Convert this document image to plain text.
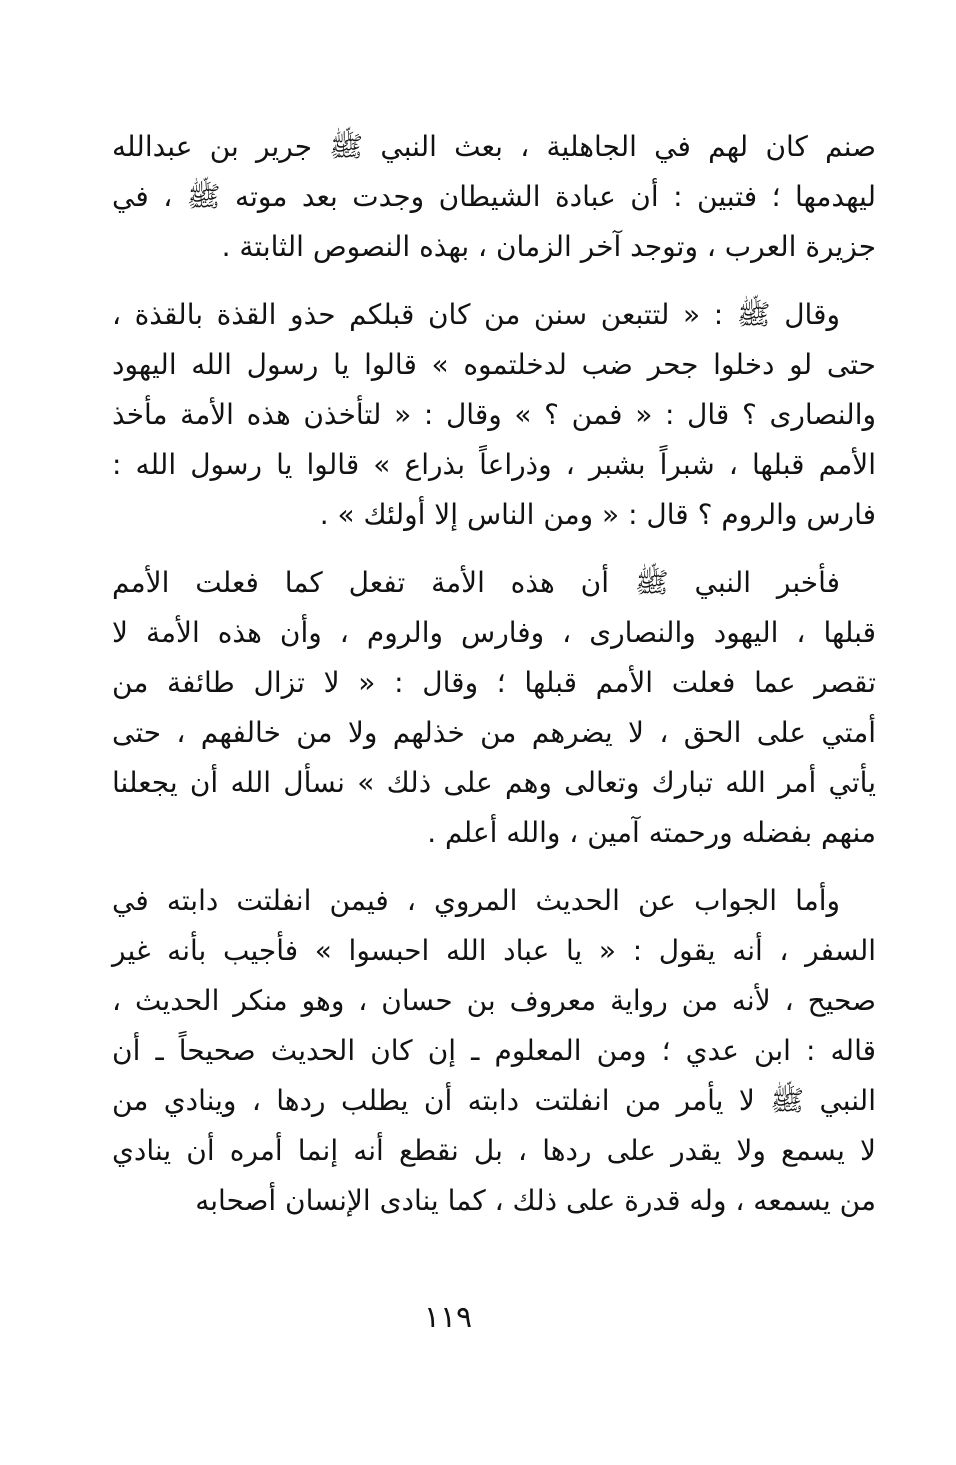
صنم كان لهم في الجاهلية ، بعث النبي ﷺ جرير بن عبدالله
ليهدمها ؛ فتبين : أن عبادة الشيطان وجدت بعد موته ﷺ ، في
جزيرة العرب ، وتوجد آخر الزمان ، بهذه النصوص الثابتة .
وقال ﷺ : « لتتبعن سنن من كان قبلكم حذو القذة بالقذة ،
حتى لو دخلوا جحر ضب لدخلتموه » قالوا يا رسول الله اليهود
والنصارى ؟ قال : « فمن ؟ » وقال : « لتأخذن هذه الأمة مأخذ
الأمم قبلها ، شبراً بشبر ، وذراعاً بذراع » قالوا يا رسول الله :
فارس والروم ؟ قال : « ومن الناس إلا أولئك » .
فأخبر النبي ﷺ أن هذه الأمة تفعل كما فعلت الأمم
قبلها ، اليهود والنصارى ، وفارس والروم ، وأن هذه الأمة لا
تقصر عما فعلت الأمم قبلها ؛ وقال : « لا تزال طائفة من
أمتي على الحق ، لا يضرهم من خذلهم ولا من خالفهم ، حتى
يأتي أمر الله تبارك وتعالى وهم على ذلك » نسأل الله أن يجعلنا
منهم بفضله ورحمته آمين ، والله أعلم .
وأما الجواب عن الحديث المروي ، فيمن انفلتت دابته في
السفر ، أنه يقول : « يا عباد الله احبسوا » فأجيب بأنه غير
صحيح ، لأنه من رواية معروف بن حسان ، وهو منكر الحديث ،
قاله : ابن عدي ؛ ومن المعلوم ـ إن كان الحديث صحيحاً ـ أن
النبي ﷺ لا يأمر من انفلتت دابته أن يطلب ردها ، وينادي من
لا يسمع ولا يقدر على ردها ، بل نقطع أنه إنما أمره أن ينادي
من يسمعه ، وله قدرة على ذلك ، كما ينادى الإنسان أصحابه
١١٩
